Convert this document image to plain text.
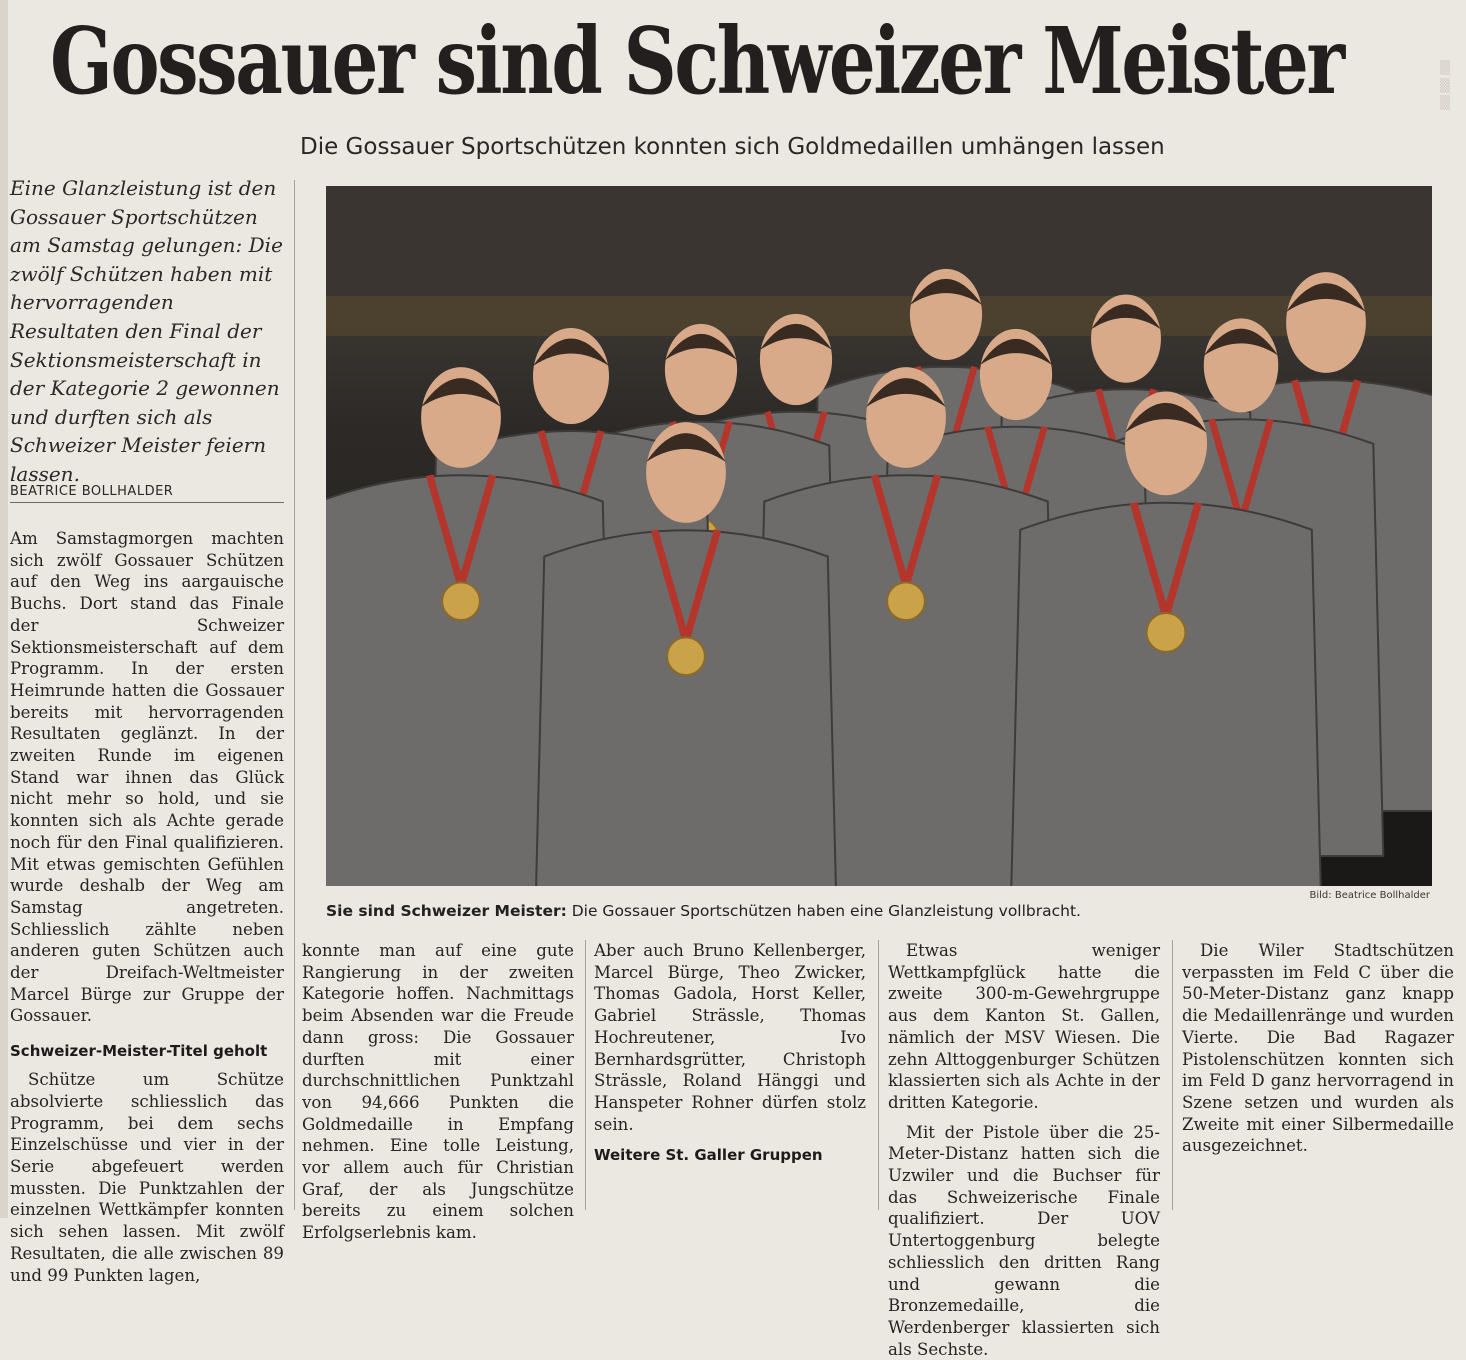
▒
▒
▒
Gossauer sind Schweizer Meister
Die Gossauer Sportschützen konnten sich Goldmedaillen umhängen lassen

Eine Glanzleistung ist den Gossauer Sportschützen am Samstag gelungen: Die zwölf Schützen haben mit hervorragenden Resultaten den Final der Sektionsmeisterschaft in der Kategorie 2 gewonnen und durften sich als Schweizer Meister feiern lassen.

BEATRICE BOLLHALDER

Am Samstagmorgen machten sich zwölf Gossauer Schützen auf den Weg ins aargauische Buchs. Dort stand das Finale der Schweizer Sektionsmeisterschaft auf dem Programm. In der ersten Heimrunde hatten die Gossauer bereits mit hervorragenden Resultaten geglänzt. In der zweiten Runde im eigenen Stand war ihnen das Glück nicht mehr so hold, und sie konnten sich als Achte gerade noch für den Final qualifizieren. Mit etwas gemischten Gefühlen wurde deshalb der Weg am Samstag angetreten. Schliesslich zählte neben anderen guten Schützen auch der Dreifach-Weltmeister Marcel Bürge zur Gruppe der Gossauer.

Schweizer-Meister-Titel geholt

Schütze um Schütze absolvierte schliesslich das Programm, bei dem sechs Einzelschüsse und vier in der Serie abgefeuert werden mussten. Die Punktzahlen der einzelnen Wettkämpfer konnten sich sehen lassen. Mit zwölf Resultaten, die alle zwischen 89 und 99 Punkten lagen,

konnte man auf eine gute Rangierung in der zweiten Kategorie hoffen. Nachmittags beim Absenden war die Freude dann gross: Die Gossauer durften mit einer durchschnittlichen Punktzahl von 94,666 Punkten die Goldmedaille in Empfang nehmen. Eine tolle Leistung, vor allem auch für Christian Graf, der als Jungschütze bereits zu einem solchen Erfolgserlebnis kam.

Aber auch Bruno Kellenberger, Marcel Bürge, Theo Zwicker, Thomas Gadola, Horst Keller, Gabriel Strässle, Thomas Hochreutener, Ivo Bernhardsgrütter, Christoph Strässle, Roland Hänggi und Hanspeter Rohner dürfen stolz sein.

Weitere St. Galler Gruppen

Etwas weniger Wettkampfglück hatte die zweite 300-m-Gewehrgruppe aus dem Kanton St. Gallen, nämlich der MSV Wiesen. Die zehn Alttoggenburger Schützen klassierten sich als Achte in der dritten Kategorie.

Mit der Pistole über die 25-Meter-Distanz hatten sich die Uzwiler und die Buchser für das Schweizerische Finale qualifiziert. Der UOV Untertoggenburg belegte schliesslich den dritten Rang und gewann die Bronzemedaille, die Werdenberger klassierten sich als Sechste.

Die Wiler Stadtschützen verpassten im Feld C über die 50-Meter-Distanz ganz knapp die Medaillenränge und wurden Vierte. Die Bad Ragazer Pistolenschützen konnten sich im Feld D ganz hervorragend in Szene setzen und wurden als Zweite mit einer Silbermedaille ausgezeichnet.

Bild: Beatrice Bollhalder
Sie sind Schweizer Meister: Die Gossauer Sportschützen haben eine Glanzleistung vollbracht.
